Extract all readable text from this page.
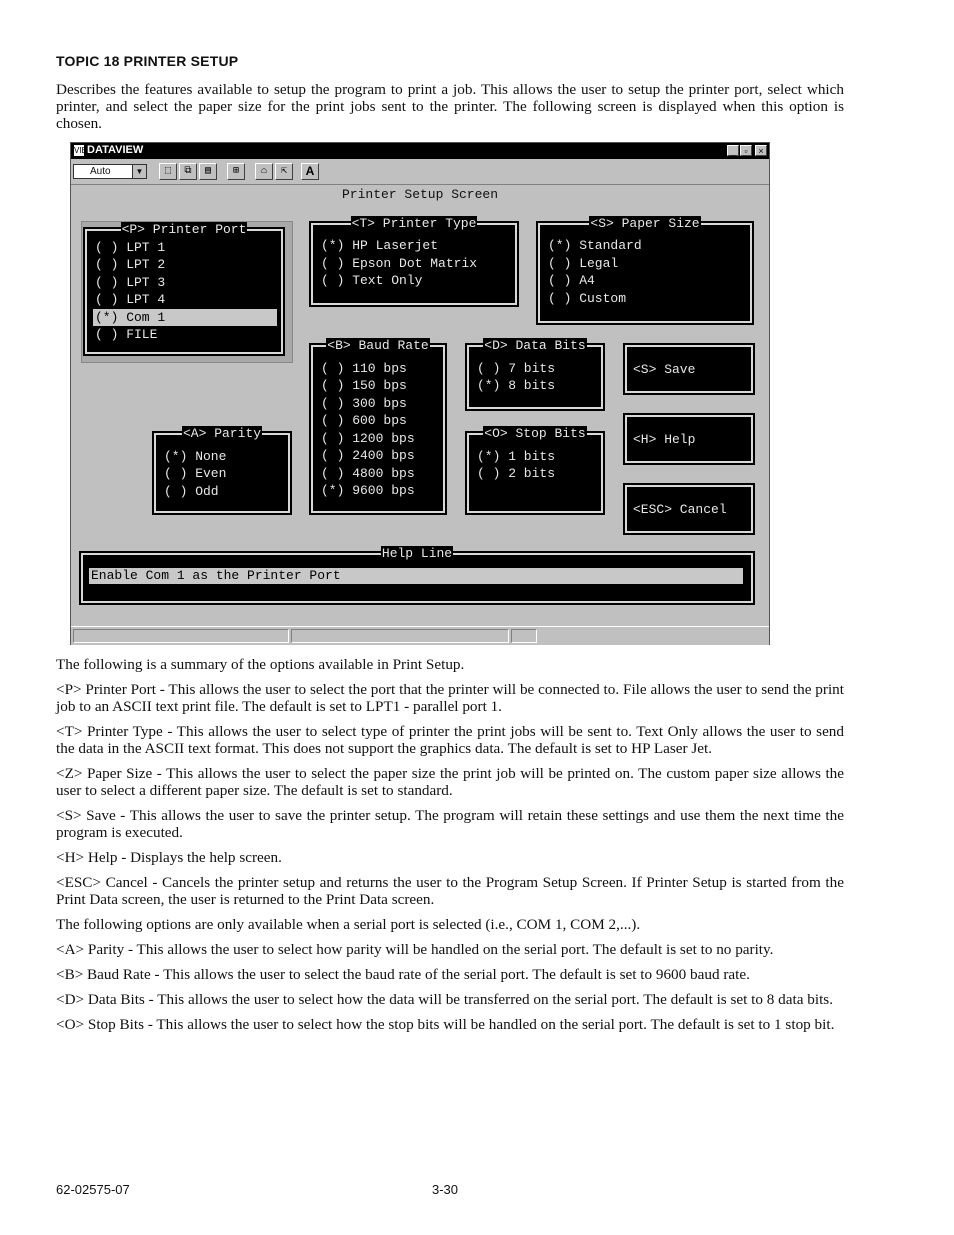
TOPIC 18 PRINTER SETUP

Describes the features available to setup the program to print a job. This allows the user to setup the printer port, select which printer, and select the paper size for the print jobs sent to the printer. The following screen is displayed when this option is chosen.

VIB DATAVIEW	_ ▫	×
Auto	▼	⬚	⧉	▤	⊞	⌂	⇱	A
Printer Setup Screen
<P> Printer Port
( ) LPT 1
( ) LPT 2
( ) LPT 3
( ) LPT 4
(*) Com 1
( ) FILE
<T> Printer Type
(*) HP Laserjet
( ) Epson Dot Matrix
( ) Text Only
<S> Paper Size
(*) Standard
( ) Legal
( ) A4
( ) Custom
<B> Baud Rate
( ) 110 bps
( ) 150 bps
( ) 300 bps
( ) 600 bps
( ) 1200 bps
( ) 2400 bps
( ) 4800 bps
(*) 9600 bps
<D> Data Bits
( ) 7 bits
(*) 8 bits
<A> Parity
(*) None
( ) Even
( ) Odd
<O> Stop Bits
(*) 1 bits
( ) 2 bits
<S> Save
<H> Help
<ESC> Cancel
Help Line
Enable Com 1 as the Printer Port

The following is a summary of the options available in Print Setup.

<P> Printer Port - This allows the user to select the port that the printer will be connected to. File allows the user to send the print job to an ASCII text print file. The default is set to LPT1 - parallel port 1.

<T> Printer Type - This allows the user to select type of printer the print jobs will be sent to. Text Only allows the user to send the data in the ASCII text format. This does not support the graphics data. The default is set to HP Laser Jet.

<Z> Paper Size - This allows the user to select the paper size the print job will be printed on. The custom paper size allows the user to select a different paper size. The default is set to standard.

<S> Save - This allows the user to save the printer setup. The program will retain these settings and use them the next time the program is executed.

<H> Help - Displays the help screen.

<ESC> Cancel - Cancels the printer setup and returns the user to the Program Setup Screen. If Printer Setup is started from the Print Data screen, the user is returned to the Print Data screen.

The following options are only available when a serial port is selected (i.e., COM 1, COM 2,...).

<A> Parity - This allows the user to select how parity will be handled on the serial port. The default is set to no parity.

<B> Baud Rate - This allows the user to select the baud rate of the serial port. The default is set to 9600 baud rate.

<D> Data Bits - This allows the user to select how the data will be transferred on the serial port. The default is set to 8 data bits.

<O> Stop Bits - This allows the user to select how the stop bits will be handled on the serial port. The default is set to 1 stop bit.

62-02575-07	3-30
